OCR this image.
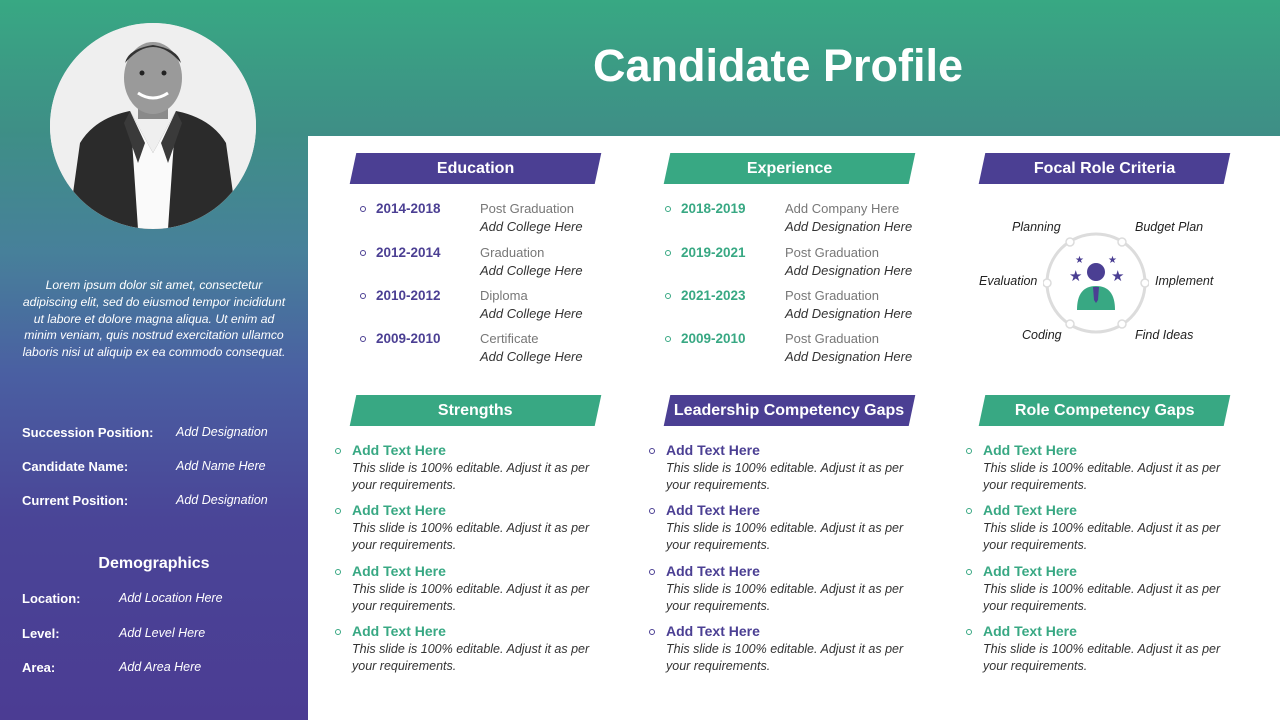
Lorem ipsum dolor sit amet, consectetur adipiscing elit, sed do eiusmod tempor incididunt ut labore et dolore magna aliqua. Ut enim ad minim veniam, quis nostrud exercitation ullamco laboris nisi ut aliquip ex ea commodo consequat.
Succession Position:	Add Designation
Candidate Name:	Add Name Here
Current Position:	Add Designation
Demographics
Location:	Add Location Here
Level:	Add Level Here
Area:	Add Area Here
Candidate Profile
Education
2014-2018	Post Graduation
Add College Here
2012-2014	Graduation
Add College Here
2010-2012	Diploma
Add College Here
2009-2010	Certificate
Add College Here
Experience
2018-2019	Add Company Here
Add Designation Here
2019-2021	Post Graduation
Add Designation Here
2021-2023	Post Graduation
Add Designation Here
2009-2010	Post Graduation
Add Designation Here
Focal Role Criteria
★ ★
★ ★
Planning	Budget Plan
Evaluation	Implement
Coding	Find Ideas
Strengths
Add Text Here
This slide is 100% editable. Adjust it as per your requirements.
Add Text Here
This slide is 100% editable. Adjust it as per your requirements.
Add Text Here
This slide is 100% editable. Adjust it as per your requirements.
Add Text Here
This slide is 100% editable. Adjust it as per your requirements.
Leadership Competency Gaps
Add Text Here
This slide is 100% editable. Adjust it as per your requirements.
Add Text Here
This slide is 100% editable. Adjust it as per your requirements.
Add Text Here
This slide is 100% editable. Adjust it as per your requirements.
Add Text Here
This slide is 100% editable. Adjust it as per your requirements.
Role Competency Gaps
Add Text Here
This slide is 100% editable. Adjust it as per your requirements.
Add Text Here
This slide is 100% editable. Adjust it as per your requirements.
Add Text Here
This slide is 100% editable. Adjust it as per your requirements.
Add Text Here
This slide is 100% editable. Adjust it as per your requirements.
